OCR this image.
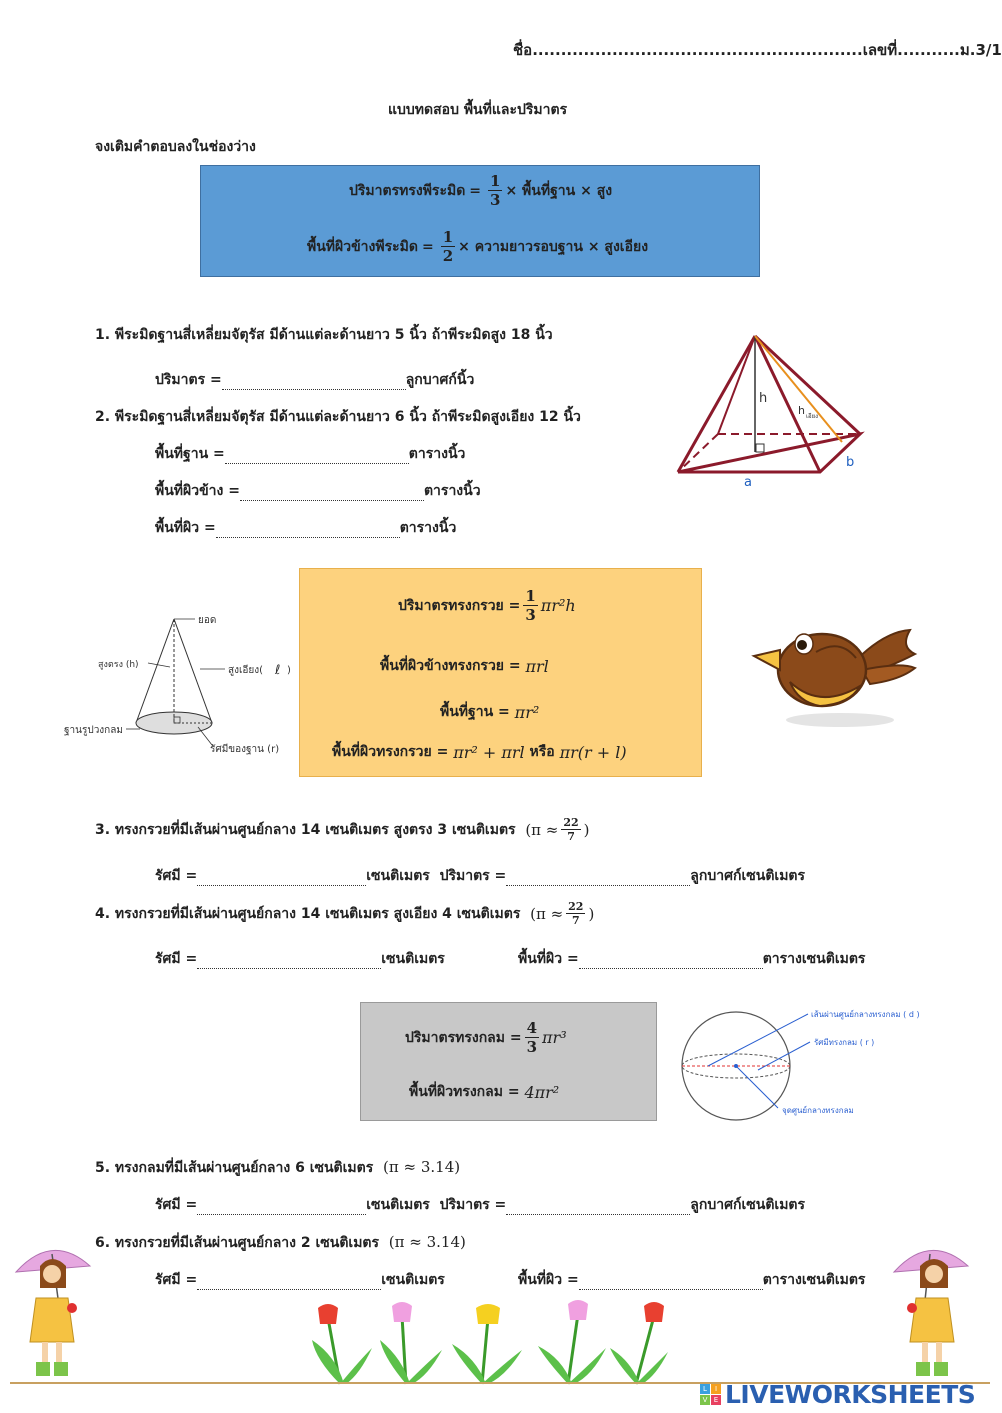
ชื่อ..........................................................เลขที่...........ม.3/1
แบบทดสอบ พื้นที่และปริมาตร
จงเติมคำตอบลงในช่องว่าง
ปริมาตรทรงพีระมิด = $\frac{1}{3}$ × พื้นที่ฐาน × สูง
พื้นที่ผิวข้างพีระมิด = $\frac{1}{2}$ × ความยาวรอบฐาน × สูงเอียง
1. พีระมิดฐานสี่เหลี่ยมจัตุรัส มีด้านแต่ละด้านยาว 5 นิ้ว ถ้าพีระมิดสูง 18 นิ้ว
ปริมาตร =	ลูกบาศก์นิ้ว
2. พีระมิดฐานสี่เหลี่ยมจัตุรัส มีด้านแต่ละด้านยาว 6 นิ้ว ถ้าพีระมิดสูงเอียง 12 นิ้ว
พื้นที่ฐาน =	ตารางนิ้ว
พื้นที่ผิวข้าง =	ตารางนิ้ว
พื้นที่ผิว =	ตารางนิ้ว
h
h เอียง
a
b
ยอด
สูงตรง (h)	สูงเอียง( ℓ )
ฐานรูปวงกลม
รัศมีของฐาน (r)
ปริมาตรทรงกรวย = $\frac{1}{3} \pi r^2h$
พื้นที่ผิวข้างทรงกรวย =
πrl
พื้นที่ฐาน =
πr²
พื้นที่ผิวทรงกรวย =
πr² + πrl
หรือ
πr(r + l)
3. ทรงกรวยที่มีเส้นผ่านศูนย์กลาง 14 เซนติเมตร สูงตรง 3 เซนติเมตร
($\pi \approx \frac{22}{7}$ )
รัศมี =	เซนติเมตร ปริมาตร =	ลูกบาศก์เซนติเมตร
4. ทรงกรวยที่มีเส้นผ่านศูนย์กลาง 14 เซนติเมตร สูงเอียง 4 เซนติเมตร
($\pi \approx \frac{22}{7}$ )
รัศมี =	เซนติเมตร	พื้นที่ผิว =	ตารางเซนติเมตร
ปริมาตรทรงกลม = $\frac{4}{3} \pi r^3$
พื้นที่ผิวทรงกลม =
4πr²
เส้นผ่านศูนย์กลางทรงกลม ( d )
รัศมีทรงกลม ( r )
จุดศูนย์กลางทรงกลม
5. ทรงกลมที่มีเส้นผ่านศูนย์กลาง 6 เซนติเมตร (π ≈ 3.14)
รัศมี =	เซนติเมตร ปริมาตร =	ลูกบาศก์เซนติเมตร
6. ทรงกรวยที่มีเส้นผ่านศูนย์กลาง 2 เซนติเมตร (π ≈ 3.14)
รัศมี =	เซนติเมตร	พื้นที่ผิว =	ตารางเซนติเมตร
L	I
V E LIVEWORKSHEETS
